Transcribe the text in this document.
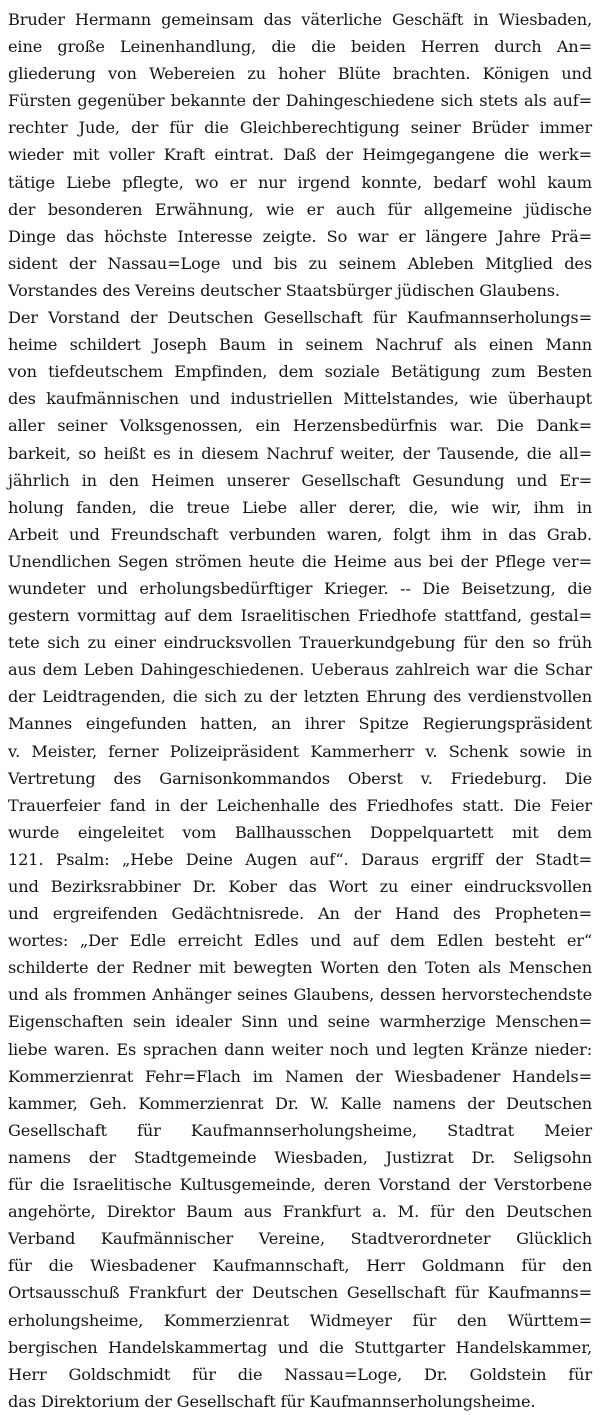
Bruder Hermann gemeinsam das väterliche Geschäft in Wiesbaden,
eine große Leinenhandlung, die die beiden Herren durch An=
gliederung von Webereien zu hoher Blüte brachten. Königen und
Fürsten gegenüber bekannte der Dahingeschiedene sich stets als auf=
rechter Jude, der für die Gleichberechtigung seiner Brüder immer
wieder mit voller Kraft eintrat. Daß der Heimgegangene die werk=
tätige Liebe pflegte, wo er nur irgend konnte, bedarf wohl kaum
der besonderen Erwähnung, wie er auch für allgemeine jüdische
Dinge das höchste Interesse zeigte. So war er längere Jahre Prä=
sident der Nassau=Loge und bis zu seinem Ableben Mitglied des
Vorstandes des Vereins deutscher Staatsbürger jüdischen Glaubens.
Der Vorstand der Deutschen Gesellschaft für Kaufmannserholungs=
heime schildert Joseph Baum in seinem Nachruf als einen Mann
von tiefdeutschem Empfinden, dem soziale Betätigung zum Besten
des kaufmännischen und industriellen Mittelstandes, wie überhaupt
aller seiner Volksgenossen, ein Herzensbedürfnis war. Die Dank=
barkeit, so heißt es in diesem Nachruf weiter, der Tausende, die all=
jährlich in den Heimen unserer Gesellschaft Gesundung und Er=
holung fanden, die treue Liebe aller derer, die, wie wir, ihm in
Arbeit und Freundschaft verbunden waren, folgt ihm in das Grab.
Unendlichen Segen strömen heute die Heime aus bei der Pflege ver=
wundeter und erholungsbedürftiger Krieger. -- Die Beisetzung, die
gestern vormittag auf dem Israelitischen Friedhofe stattfand, gestal=
tete sich zu einer eindrucksvollen Trauerkundgebung für den so früh
aus dem Leben Dahingeschiedenen. Ueberaus zahlreich war die Schar
der Leidtragenden, die sich zu der letzten Ehrung des verdienstvollen
Mannes eingefunden hatten, an ihrer Spitze Regierungspräsident
v. Meister, ferner Polizeipräsident Kammerherr v. Schenk sowie in
Vertretung des Garnisonkommandos Oberst v. Friedeburg. Die
Trauerfeier fand in der Leichenhalle des Friedhofes statt. Die Feier
wurde eingeleitet vom Ballhausschen Doppelquartett mit dem
121. Psalm: „Hebe Deine Augen auf“. Daraus ergriff der Stadt=
und Bezirksrabbiner Dr. Kober das Wort zu einer eindrucksvollen
und ergreifenden Gedächtnisrede. An der Hand des Propheten=
wortes: „Der Edle erreicht Edles und auf dem Edlen besteht er“
schilderte der Redner mit bewegten Worten den Toten als Menschen
und als frommen Anhänger seines Glaubens, dessen hervorstechendste
Eigenschaften sein idealer Sinn und seine warmherzige Menschen=
liebe waren. Es sprachen dann weiter noch und legten Kränze nieder:
Kommerzienrat Fehr=Flach im Namen der Wiesbadener Handels=
kammer, Geh. Kommerzienrat Dr. W. Kalle namens der Deutschen
Gesellschaft für Kaufmannserholungsheime, Stadtrat Meier
namens der Stadtgemeinde Wiesbaden, Justizrat Dr. Seligsohn
für die Israelitische Kultusgemeinde, deren Vorstand der Verstorbene
angehörte, Direktor Baum aus Frankfurt a. M. für den Deutschen
Verband Kaufmännischer Vereine, Stadtverordneter Glücklich
für die Wiesbadener Kaufmannschaft, Herr Goldmann für den
Ortsausschuß Frankfurt der Deutschen Gesellschaft für Kaufmanns=
erholungsheime, Kommerzienrat Widmeyer für den Württem=
bergischen Handelskammertag und die Stuttgarter Handelskammer,
Herr Goldschmidt für die Nassau=Loge, Dr. Goldstein für
das Direktorium der Gesellschaft für Kaufmannserholungsheime.
